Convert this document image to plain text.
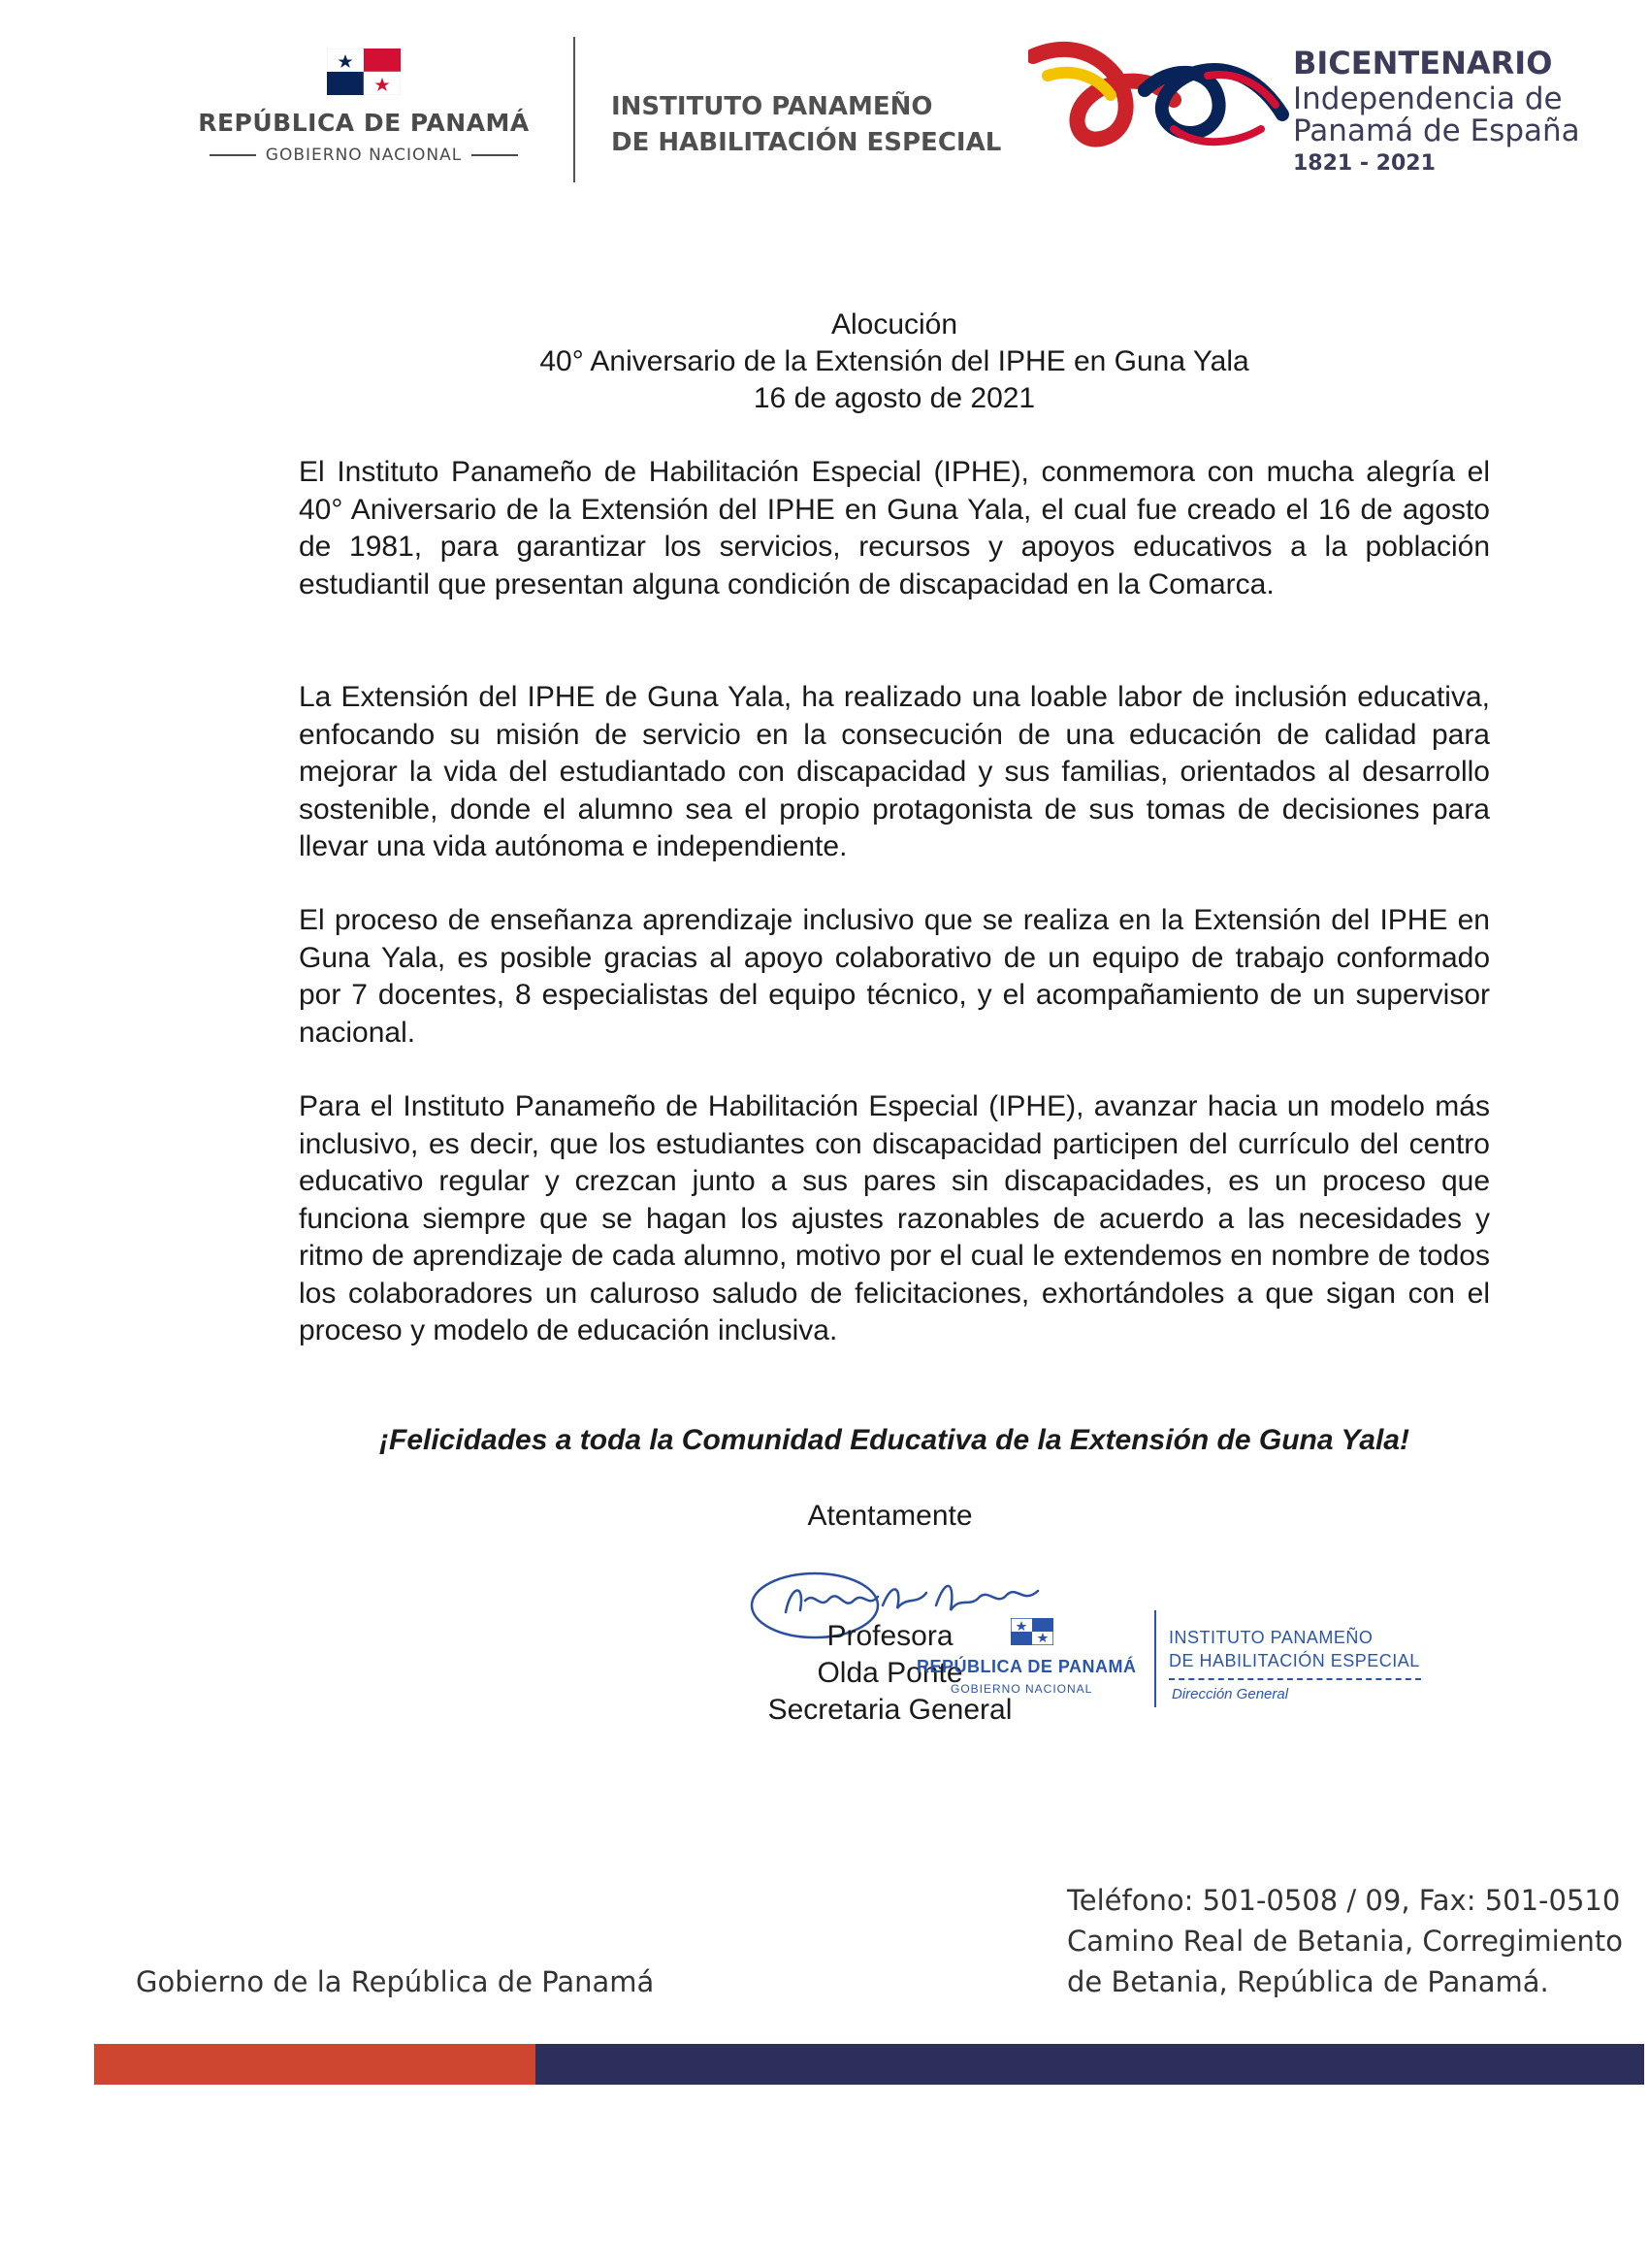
REPÚBLICA DE PANAMÁ
GOBIERNO NACIONAL
INSTITUTO PANAMEÑO
DE HABILITACIÓN ESPECIAL
BICENTENARIO
Independencia de
Panamá de España
1821 - 2021
Alocución
40° Aniversario de la Extensión del IPHE en Guna Yala
16 de agosto de 2021

El Instituto Panameño de Habilitación Especial (IPHE), conmemora con mucha alegría el 40° Aniversario de la Extensión del IPHE en Guna Yala, el cual fue creado el 16 de agosto de 1981, para garantizar los servicios, recursos y apoyos educativos a la población estudiantil que presentan alguna condición de discapacidad en la Comarca.

La Extensión del IPHE de Guna Yala, ha realizado una loable labor de inclusión educativa, enfocando su misión de servicio en la consecución de una educación de calidad para mejorar la vida del estudiantado con discapacidad y sus familias, orientados al desarrollo sostenible, donde el alumno sea el propio protagonista de sus tomas de decisiones para llevar una vida autónoma e independiente.

El proceso de enseñanza aprendizaje inclusivo que se realiza en la Extensión del IPHE en Guna Yala, es posible gracias al apoyo colaborativo de un equipo de trabajo conformado por 7 docentes, 8 especialistas del equipo técnico, y el acompañamiento de un supervisor nacional.

Para el Instituto Panameño de Habilitación Especial (IPHE), avanzar hacia un modelo más inclusivo, es decir, que los estudiantes con discapacidad participen del currículo del centro educativo regular y crezcan junto a sus pares sin discapacidades, es un proceso que funciona siempre que se hagan los ajustes razonables de acuerdo a las necesidades y ritmo de aprendizaje de cada alumno, motivo por el cual le extendemos en nombre de todos los colaboradores un caluroso saludo de felicitaciones, exhortándoles a que sigan con el proceso y modelo de educación inclusiva.

¡Felicidades a toda la Comunidad Educativa de la Extensión de Guna Yala!
Atentamente
Profesora
Olda Ponte
Secretaria General
REPÚBLICA DE PANAMÁ
GOBIERNO NACIONAL
INSTITUTO PANAMEÑO
DE HABILITACIÓN ESPECIAL
Dirección General
Gobierno de la República de Panamá
Teléfono: 501-0508 / 09, Fax: 501-0510
Camino Real de Betania, Corregimiento
de Betania, República de Panamá.
